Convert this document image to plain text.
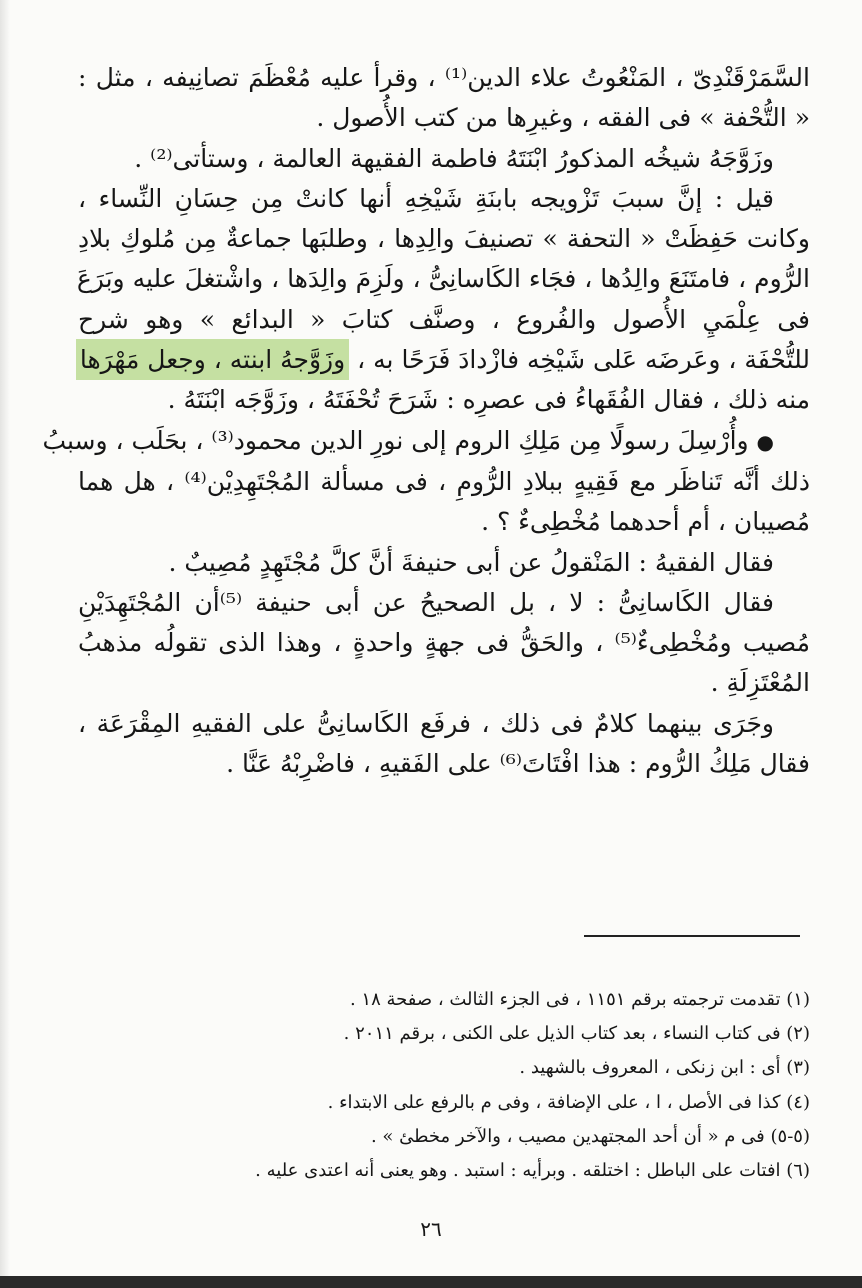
السَّمَرْقَنْدِىّ ، المَنْعُوتُ علاء الدين⁽¹⁾ ، وقرأ عليه مُعْظَمَ تصانِيفه ، مثل :
« التُّحْفة » فى الفقه ، وغيرِها من كتب الأُصول .
وزَوَّجَهُ شيخُه المذكورُ ابْنَتَهُ فاطمة الفقيهة العالمة ، وستأتى⁽²⁾ .
قيل : إنَّ سببَ تَزْويجه بابنَةِ شَيْخِهِ أنها كانتْ مِن حِسَانِ النِّساء ،
وكانت حَفِظَتْ « التحفة » تصنيفَ والِدِها ، وطلبَها جماعةٌ مِن مُلوكِ بلادِ
الرُّوم ، فامتَنَعَ والِدُها ، فجَاء الكَاسانِىُّ ، ولَزِمَ والِدَها ، واشْتغلَ عليه وبَرَعَ
فى عِلْمَيِ الأُصول والفُروع ، وصنَّف كتابَ « البدائع » وهو شرح
للتُّحْفَة ، وعَرضَه عَلى شَيْخِه فازْدادَ فَرَحًا به ، وزَوَّجهُ ابنته ، وجعل مَهْرَها
منه ذلك ، فقال الفُقَهاءُ فى عصرِه : شَرَحَ تُحْفَتَهُ ، وزَوَّجَه ابْنَتَهُ .
● وأُرْسِلَ رسولًا مِن مَلِكِ الروم إلى نورِ الدين محمود⁽³⁾ ، بحَلَب ، وسببُ
ذلك أنَّه تَناظَر مع فَقِيهٍ ببلادِ الرُّومِ ، فى مسألة المُجْتَهِدِيْن⁽⁴⁾ ، هل هما
مُصيبان ، أم أحدهما مُخْطِىءٌ ؟ .
فقال الفقيهُ : المَنْقولُ عن أبى حنيفةَ أنَّ كلَّ مُجْتَهِدٍ مُصِيبٌ .
فقال الكَاسانِىُّ : لا ، بل الصحيحُ عن أبى حنيفة ⁽⁵⁾أن المُجْتَهِدَيْنِ
مُصيب ومُخْطِىءٌ⁽⁵⁾ ، والحَقُّ فى جهةٍ واحدةٍ ، وهذا الذى تقولُه مذهبُ
المُعْتَزِلَةِ .
وجَرَى بينهما كلامٌ فى ذلك ، فرفَع الكَاسانِىُّ على الفقيهِ المِقْرَعَة ،
فقال مَلِكُ الرُّوم : هذا افْتَاتَ⁽⁶⁾ على الفَقيهِ ، فاضْرِبْهُ عَنَّا .
(١) تقدمت ترجمته برقم ١١٥١ ، فى الجزء الثالث ، صفحة ١٨ .
(٢) فى كتاب النساء ، بعد كتاب الذيل على الكنى ، برقم ٢٠١١ .
(٣) أى : ابن زنكى ، المعروف بالشهيد .
(٤) كذا فى الأصل ، ا ، على الإضافة ، وفى م بالرفع على الابتداء .
(٥-٥) فى م « أن أحد المجتهدين مصيب ، والآخر مخطئ » .
(٦) افتات على الباطل : اختلقه . وبرأيه : استبد . وهو يعنى أنه اعتدى عليه .
٢٦
